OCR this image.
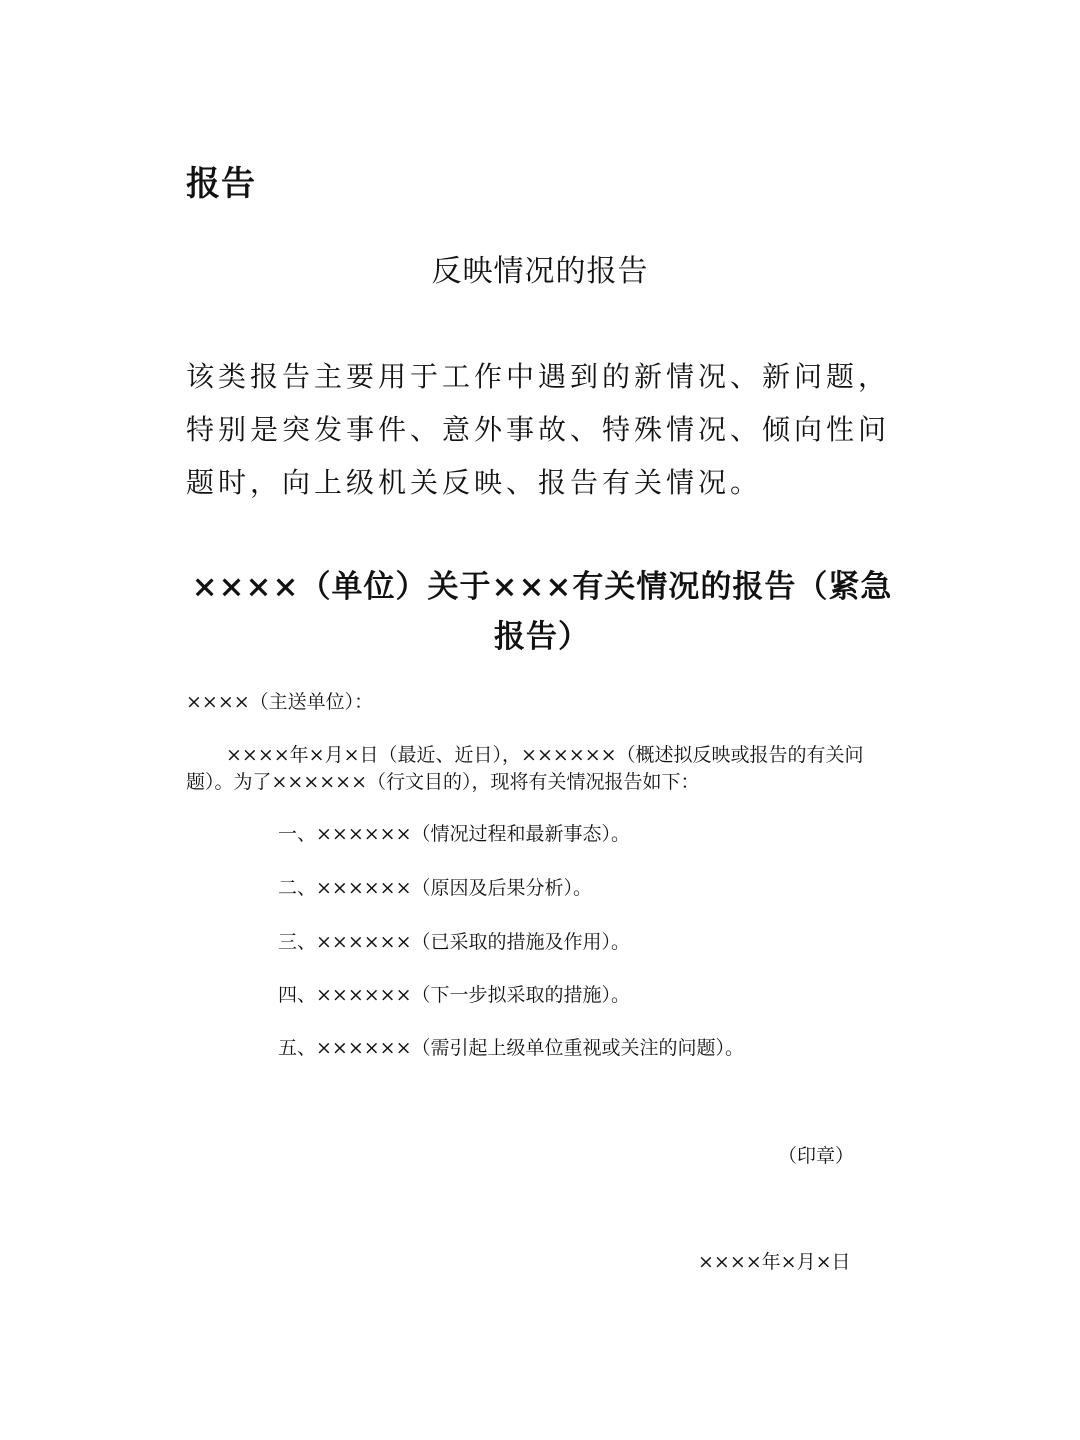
报告
反映情况的报告
该类报告主要用于工作中遇到的新情况、新问题，特别是突发事件、意外事故、特殊情况、倾向性问题时，向上级机关反映、报告有关情况。
××××（单位）关于×××有关情况的报告（紧急
报告）
××××（主送单位）：
××××年×月×日（最近、近日），××××××（概述拟反映或报告的有关问题）。为了××××××（行文目的），现将有关情况报告如下：
一、××××××（情况过程和最新事态）。
二、××××××（原因及后果分析）。
三、××××××（已采取的措施及作用）。
四、××××××（下一步拟采取的措施）。
五、××××××（需引起上级单位重视或关注的问题）。
（印章）
××××年×月×日
